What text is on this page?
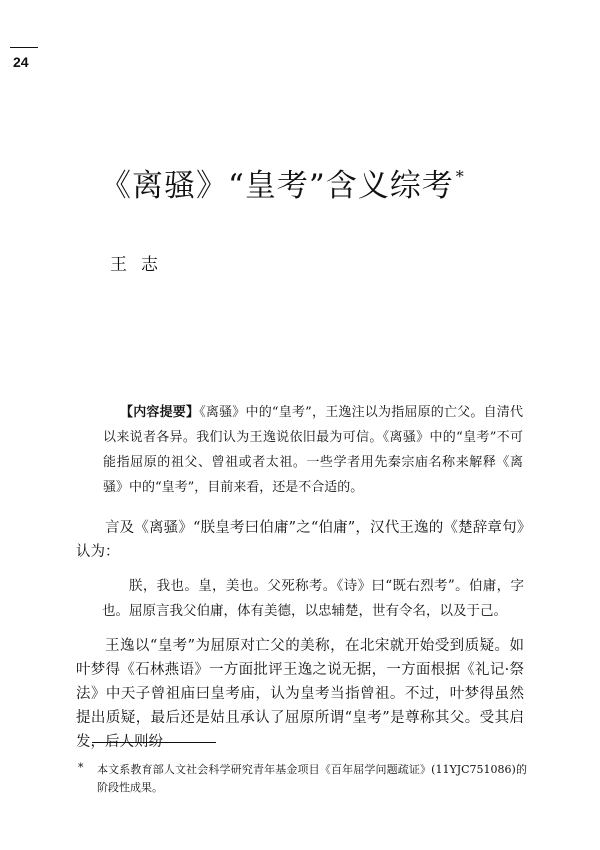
24
《离骚》“皇考”含义综考 *
王志

【内容提要】《离骚》中的“皇考”，王逸注以为指屈原的亡父。自清代以来说者各异。我们认为王逸说依旧最为可信。《离骚》中的“皇考”不可能指屈原的祖父、曾祖或者太祖。一些学者用先秦宗庙名称来解释《离骚》中的“皇考”，目前来看，还是不合适的。

言及《离骚》“朕皇考曰伯庸”之“伯庸”，汉代王逸的《楚辞章句》认为：

朕，我也。皇，美也。父死称考。《诗》曰“既右烈考”。伯庸，字也。屈原言我父伯庸，体有美德，以忠辅楚，世有令名，以及于己。

王逸以“皇考”为屈原对亡父的美称，在北宋就开始受到质疑。如叶梦得《石林燕语》一方面批评王逸之说无据，一方面根据《礼记·祭法》中天子曾祖庙曰皇考庙，认为皇考当指曾祖。不过，叶梦得虽然提出质疑，最后还是姑且承认了屈原所谓“皇考”是尊称其父。受其启发，后人则纷

* 本文系教育部人文社会科学研究青年基金项目《百年屈学问题疏证》(11YJC751086)的阶段性成果。
